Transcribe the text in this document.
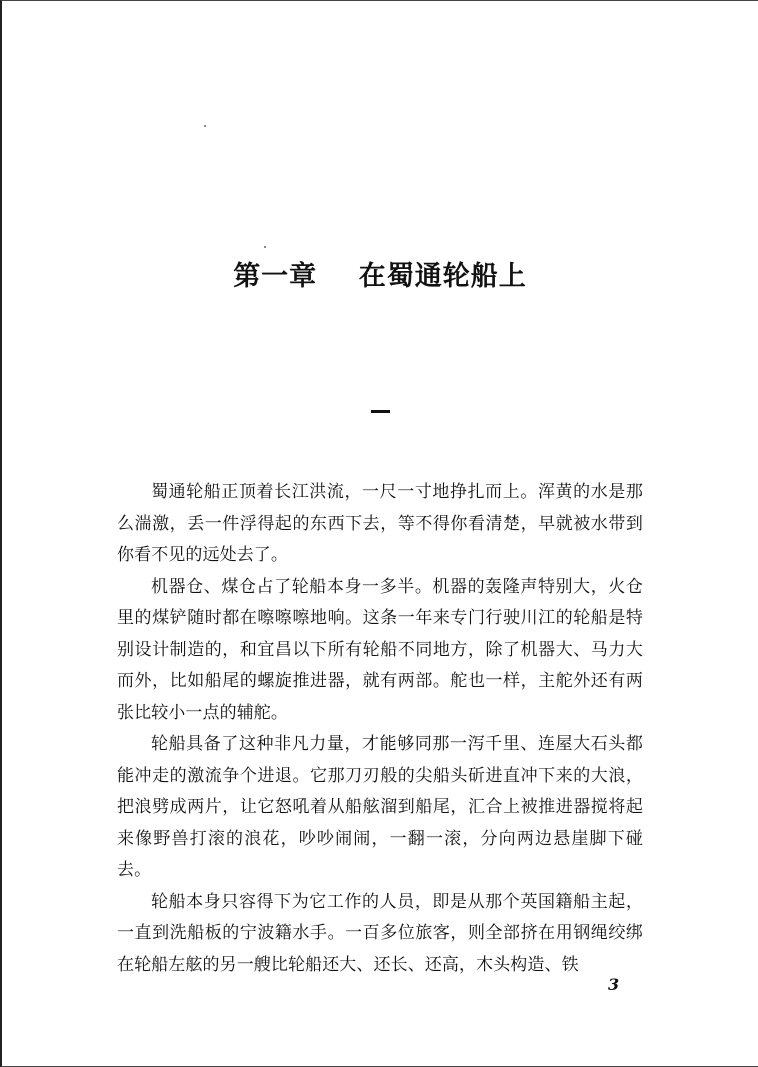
第一章    在蜀通轮船上

蜀通轮船正顶着长江洪流，一尺一寸地挣扎而上。浑黄的水是那么湍激，丢一件浮得起的东西下去，等不得你看清楚，早就被水带到你看不见的远处去了。

机器仓、煤仓占了轮船本身一多半。机器的轰隆声特别大，火仓里的煤铲随时都在嚓嚓嚓地响。这条一年来专门行驶川江的轮船是特别设计制造的，和宜昌以下所有轮船不同地方，除了机器大、马力大而外，比如船尾的螺旋推进器，就有两部。舵也一样，主舵外还有两张比较小一点的辅舵。

轮船具备了这种非凡力量，才能够同那一泻千里、连屋大石头都能冲走的激流争个进退。它那刀刃般的尖船头斫进直冲下来的大浪，把浪劈成两片，让它怒吼着从船舷溜到船尾，汇合上被推进器搅将起来像野兽打滚的浪花，吵吵闹闹，一翻一滚，分向两边悬崖脚下碰去。

轮船本身只容得下为它工作的人员，即是从那个英国籍船主起，一直到洗船板的宁波籍水手。一百多位旅客，则全部挤在用钢绳绞绑在轮船左舷的另一艘比轮船还大、还长、还高，木头构造、铁

3
